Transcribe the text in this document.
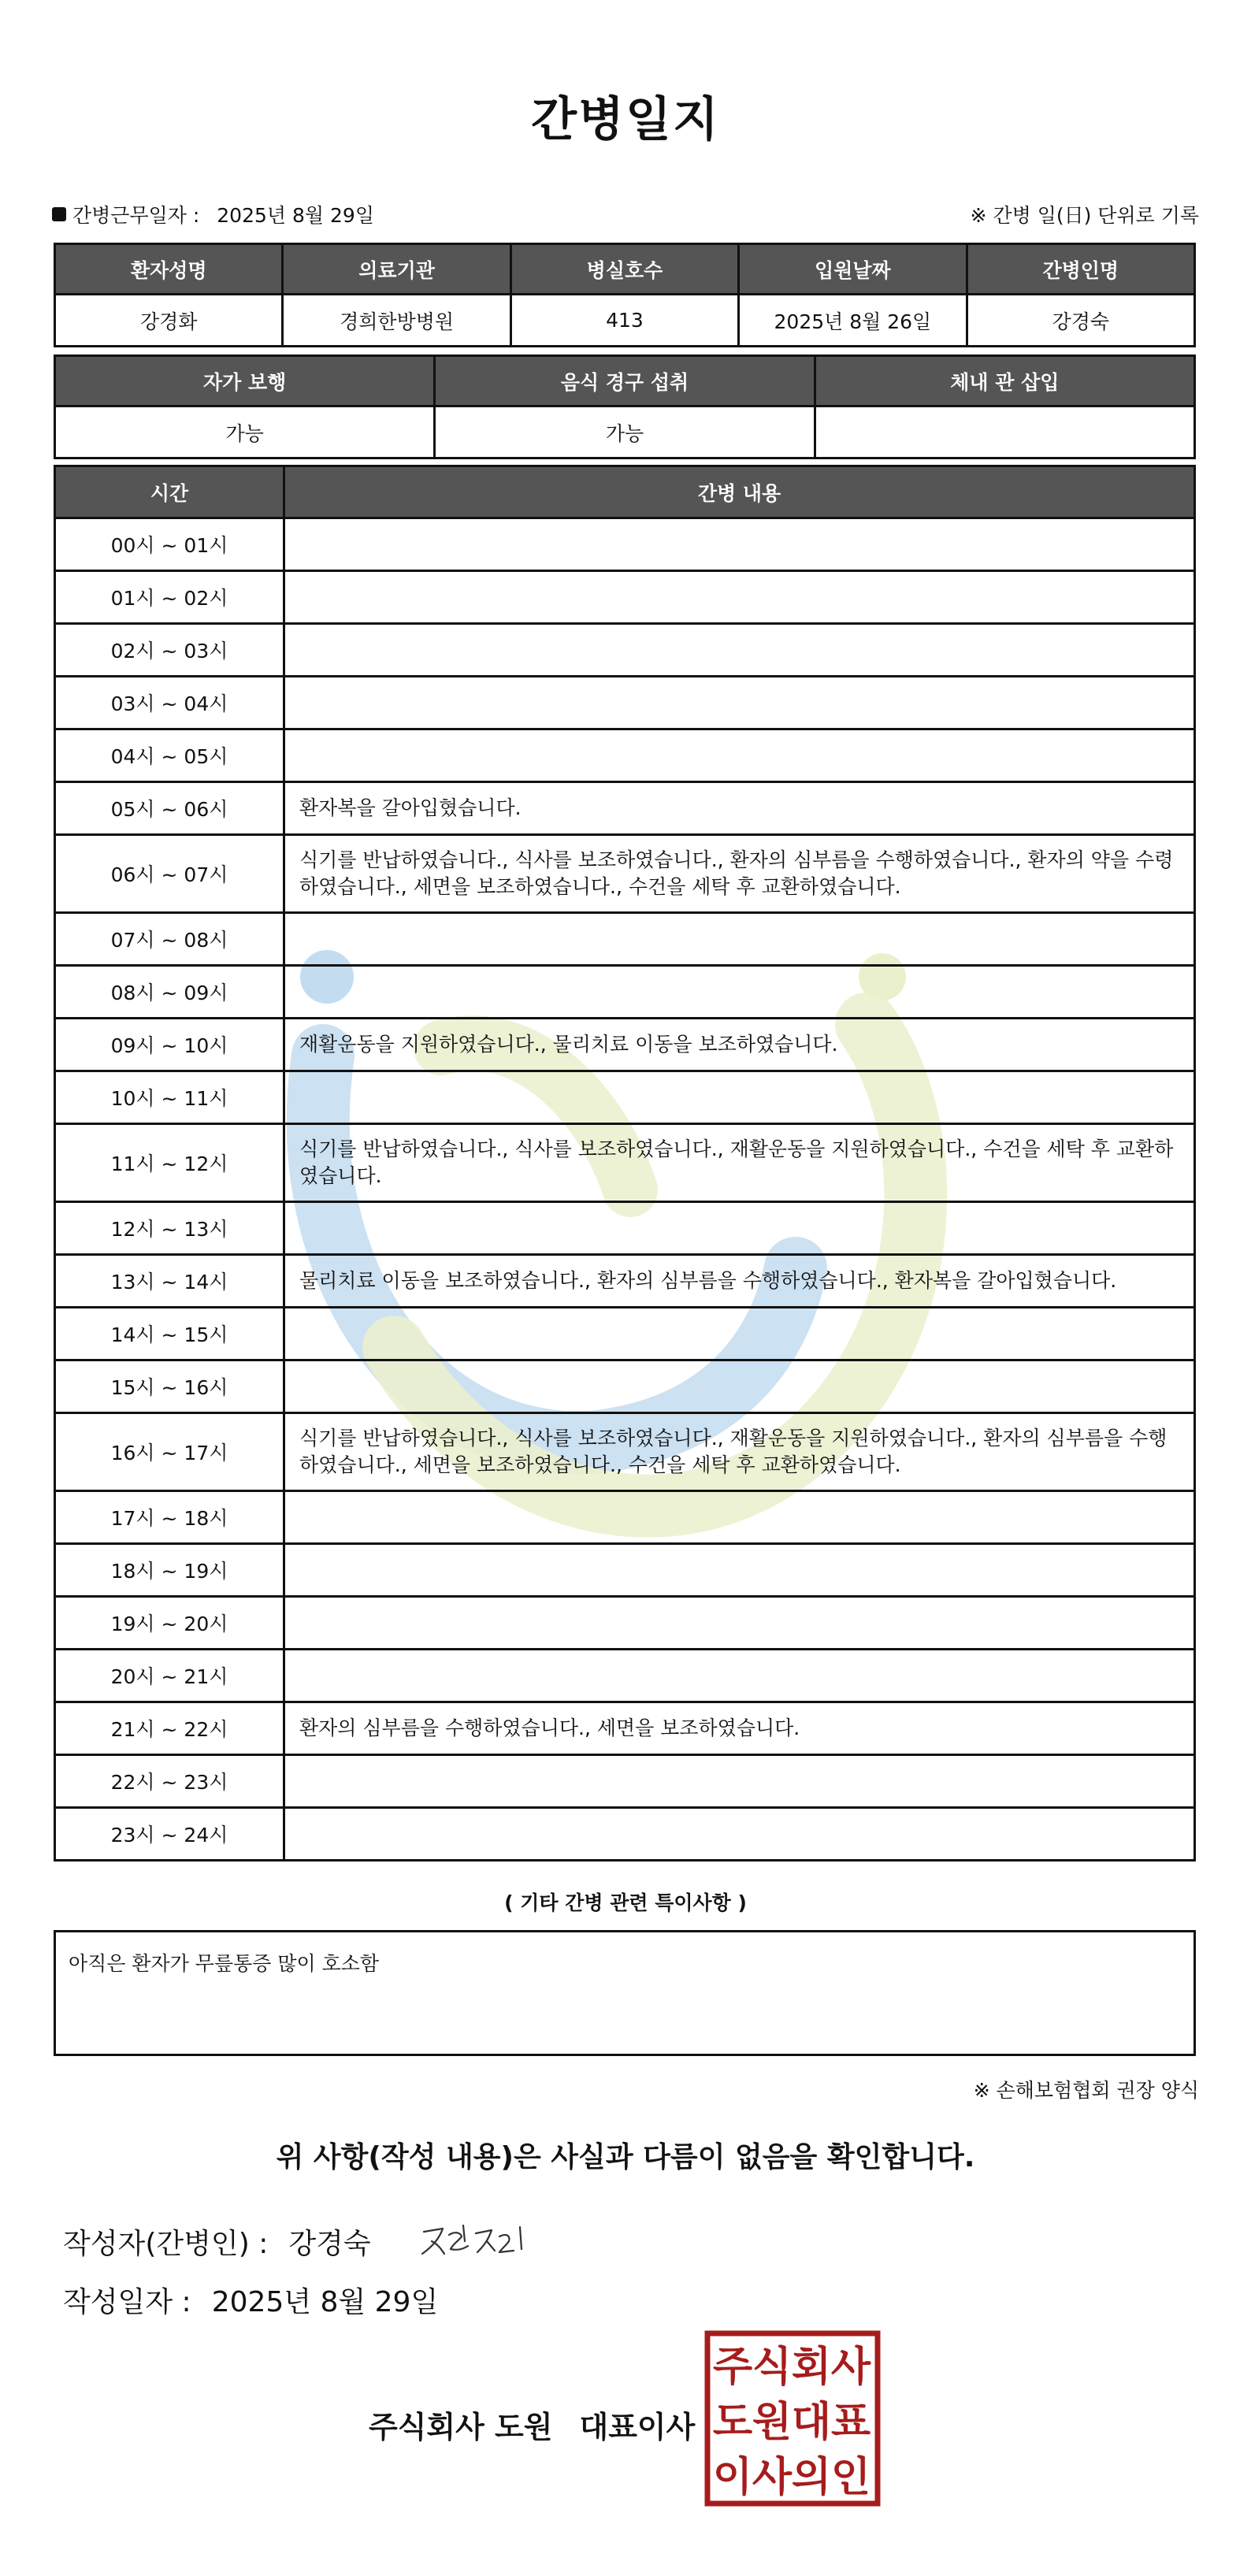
간병일지
간병근무일자 : 2025년 8월 29일	※ 간병 일(日) 단위로 기록
환자성명	의료기관	병실호수	입원날짜	간병인명
강경화	경희한방병원	413	2025년 8월 26일	강경숙
자가 보행	음식 경구 섭취	체내 관 삽입
가능	가능	
시간	간병 내용
00시 ~ 01시	
01시 ~ 02시	
02시 ~ 03시	
03시 ~ 04시	
04시 ~ 05시	
05시 ~ 06시	환자복을 갈아입혔습니다.
06시 ~ 07시	식기를 반납하였습니다., 식사를 보조하였습니다., 환자의 심부름을 수행하였습니다., 환자의 약을 수령하였습니다., 세면을 보조하였습니다., 수건을 세탁 후 교환하였습니다.
07시 ~ 08시	
08시 ~ 09시	
09시 ~ 10시	재활운동을 지원하였습니다., 물리치료 이동을 보조하였습니다.
10시 ~ 11시	
11시 ~ 12시	식기를 반납하였습니다., 식사를 보조하였습니다., 재활운동을 지원하였습니다., 수건을 세탁 후 교환하였습니다.
12시 ~ 13시	
13시 ~ 14시	물리치료 이동을 보조하였습니다., 환자의 심부름을 수행하였습니다., 환자복을 갈아입혔습니다.
14시 ~ 15시	
15시 ~ 16시	
16시 ~ 17시	식기를 반납하였습니다., 식사를 보조하였습니다., 재활운동을 지원하였습니다., 환자의 심부름을 수행하였습니다., 세면을 보조하였습니다., 수건을 세탁 후 교환하였습니다.
17시 ~ 18시	
18시 ~ 19시	
19시 ~ 20시	
20시 ~ 21시	
21시 ~ 22시	환자의 심부름을 수행하였습니다., 세면을 보조하였습니다.
22시 ~ 23시	
23시 ~ 24시	
( 기타 간병 관련 특이사항 )
아직은 환자가 무릎통증 많이 호소함
※ 손해보험협회 권장 양식
위 사항(작성 내용)은 사실과 다름이 없음을 확인합니다.
작성자(간병인) : 강경숙
작성일자 : 2025년 8월 29일
주식회사 도원 대표이사
주 식 회 사
도 원 대 표
이 사 의 인
